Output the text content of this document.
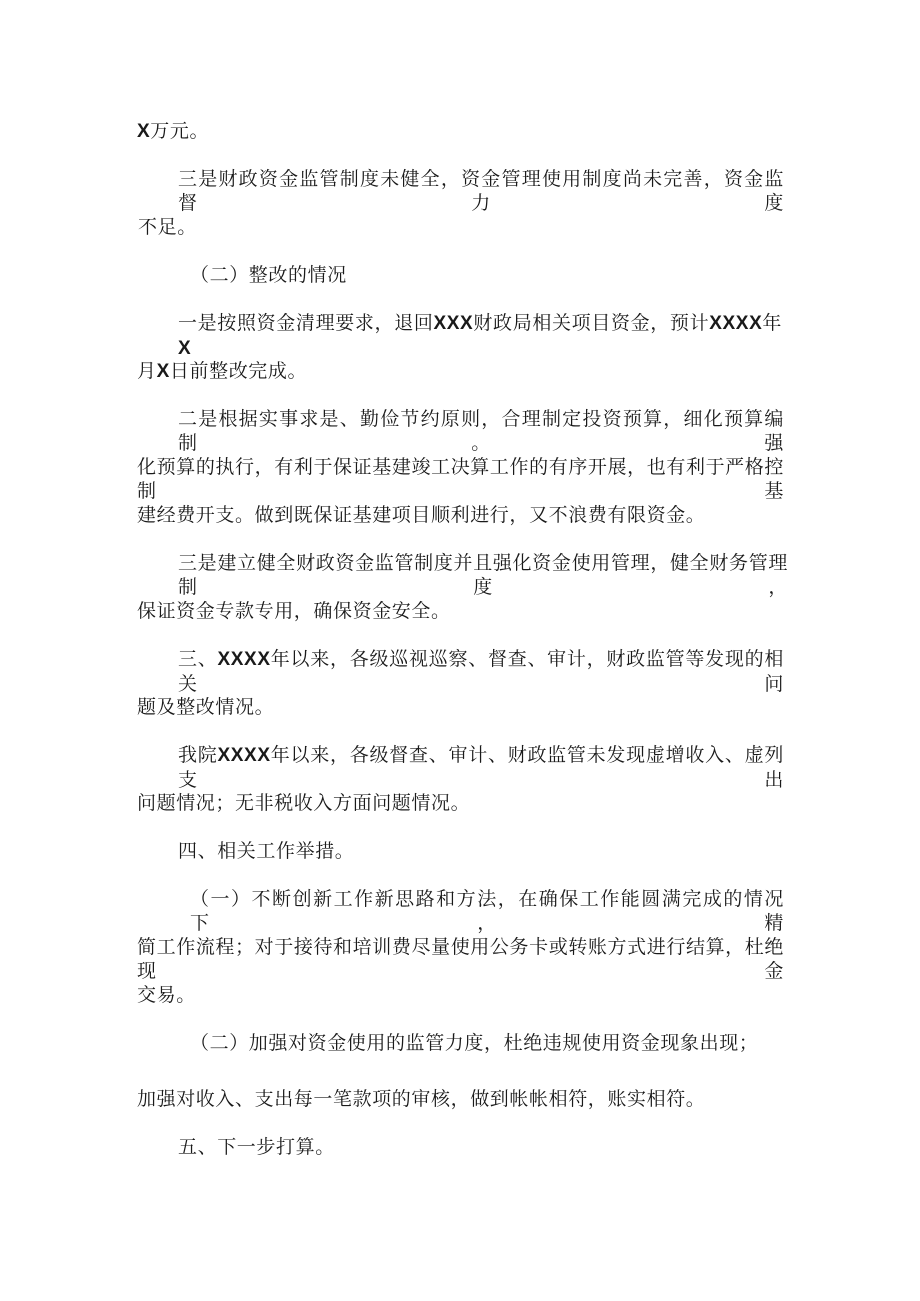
X万元。
三是财政资金监管制度未健全，资金管理使用制度尚未完善，资金监督力度
不足。
（二）整改的情况
一是按照资金清理要求，退回XXX财政局相关项目资金，预计XXXX年X
月X日前整改完成。
二是根据实事求是、勤俭节约原则，合理制定投资预算，细化预算编制。强
化预算的执行，有利于保证基建竣工决算工作的有序开展，也有利于严格控制基
建经费开支。做到既保证基建项目顺利进行，又不浪费有限资金。
三是建立健全财政资金监管制度并且强化资金使用管理，健全财务管理制度，
保证资金专款专用，确保资金安全。
三、XXXX年以来，各级巡视巡察、督查、审计，财政监管等发现的相关问
题及整改情况。
我院XXXX年以来，各级督查、审计、财政监管未发现虚增收入、虚列支出
问题情况；无非税收入方面问题情况。
四、相关工作举措。
（一）不断创新工作新思路和方法，在确保工作能圆满完成的情况下，精
简工作流程；对于接待和培训费尽量使用公务卡或转账方式进行结算，杜绝现金
交易。
（二）加强对资金使用的监管力度，杜绝违规使用资金现象出现；
加强对收入、支出每一笔款项的审核，做到帐帐相符，账实相符。
五、下一步打算。
